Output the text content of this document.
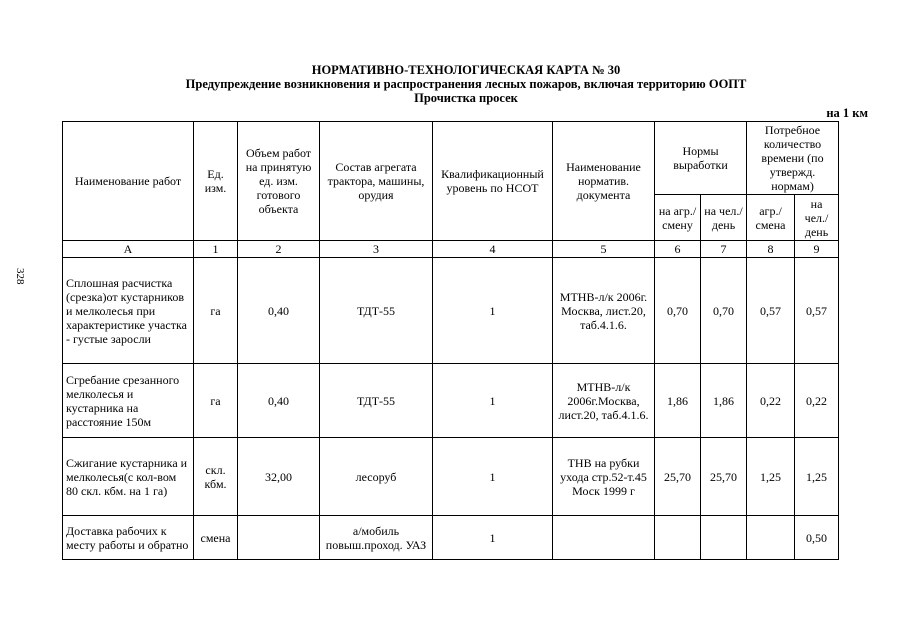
328
НОРМАТИВНО-ТЕХНОЛОГИЧЕСКАЯ КАРТА № 30
Предупреждение возникновения и распространения лесных пожаров, включая территорию ООПТ
Прочистка просек
на 1 км
Наименование работ	Ед. изм.	Объем работ на принятую ед. изм. готового объекта	Состав агрегата трактора, машины, орудия	Квалификационный уровень по НСОТ	Наименование норматив. документа	Нормы выработки		Потребное количество времени (по утвержд. нормам)	
						на агр./ смену	на чел./ день	агр./ смена	на чел./ день
А	1	2	3	4	5	6	7	8	9
Сплошная расчистка (срезка)от кустарников и мелколесья при характеристике участка - густые заросли	га	0,40	ТДТ-55	1	МТНВ-л/к 2006г. Москва, лист.20, таб.4.1.6.	0,70	0,70	0,57	0,57
Сгребание срезанного мелколесья и кустарника на расстояние 150м	га	0,40	ТДТ-55	1	МТНВ-л/к 2006г.Москва, лист.20, таб.4.1.6.	1,86	1,86	0,22	0,22
Сжигание кустарника и мелколесья(с кол-вом 80 скл. кбм. на 1 га)	скл. кбм.	32,00	лесоруб	1	ТНВ на рубки ухода стр.52-т.45 Моск 1999 г	25,70	25,70	1,25	1,25
Доставка рабочих к месту работы и обратно	смена		а/мобиль повыш.проход. УАЗ	1					0,50
